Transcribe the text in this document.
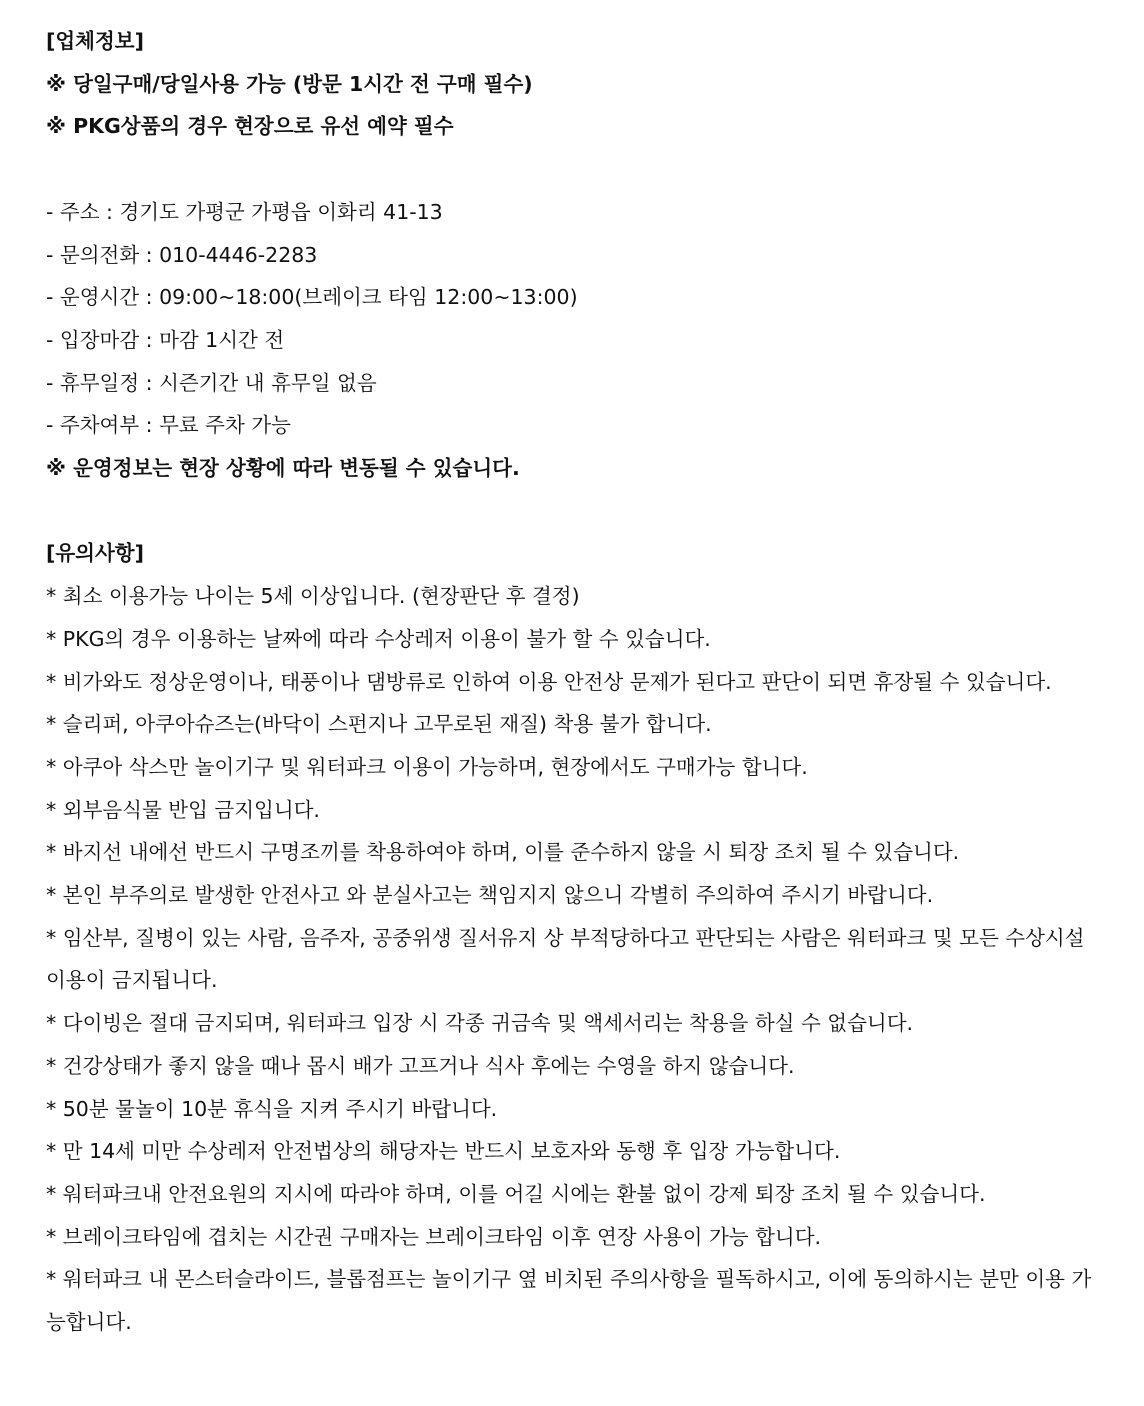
[업체정보]

※ 당일구매/당일사용 가능 (방문 1시간 전 구매 필수)

※ PKG상품의 경우 현장으로 유선 예약 필수

- 주소 : 경기도 가평군 가평읍 이화리 41-13

- 문의전화 : 010-4446-2283

- 운영시간 : 09:00~18:00(브레이크 타임 12:00~13:00)

- 입장마감 : 마감 1시간 전

- 휴무일정 : 시즌기간 내 휴무일 없음

- 주차여부 : 무료 주차 가능

※ 운영정보는 현장 상황에 따라 변동될 수 있습니다.

[유의사항]

* 최소 이용가능 나이는 5세 이상입니다. (현장판단 후 결정)

* PKG의 경우 이용하는 날짜에 따라 수상레저 이용이 불가 할 수 있습니다.

* 비가와도 정상운영이나, 태풍이나 댐방류로 인하여 이용 안전상 문제가 된다고 판단이 되면 휴장될 수 있습니다.

* 슬리퍼, 아쿠아슈즈는(바닥이 스펀지나 고무로된 재질) 착용 불가 합니다.

* 아쿠아 삭스만 놀이기구 및 워터파크 이용이 가능하며, 현장에서도 구매가능 합니다.

* 외부음식물 반입 금지입니다.

* 바지선 내에선 반드시 구명조끼를 착용하여야 하며, 이를 준수하지 않을 시 퇴장 조치 될 수 있습니다.

* 본인 부주의로 발생한 안전사고 와 분실사고는 책임지지 않으니 각별히 주의하여 주시기 바랍니다.

* 임산부, 질병이 있는 사람, 음주자, 공중위생 질서유지 상 부적당하다고 판단되는 사람은 워터파크 및 모든 수상시설 이용이 금지됩니다.

* 다이빙은 절대 금지되며, 워터파크 입장 시 각종 귀금속 및 액세서리는 착용을 하실 수 없습니다.

* 건강상태가 좋지 않을 때나 몹시 배가 고프거나 식사 후에는 수영을 하지 않습니다.

* 50분 물놀이 10분 휴식을 지켜 주시기 바랍니다.

* 만 14세 미만 수상레저 안전법상의 해당자는 반드시 보호자와 동행 후 입장 가능합니다.

* 워터파크내 안전요원의 지시에 따라야 하며, 이를 어길 시에는 환불 없이 강제 퇴장 조치 될 수 있습니다.

* 브레이크타임에 겹치는 시간권 구매자는 브레이크타임 이후 연장 사용이 가능 합니다.

* 워터파크 내 몬스터슬라이드, 블롭점프는 놀이기구 옆 비치된 주의사항을 필독하시고, 이에 동의하시는 분만 이용 가능합니다.
